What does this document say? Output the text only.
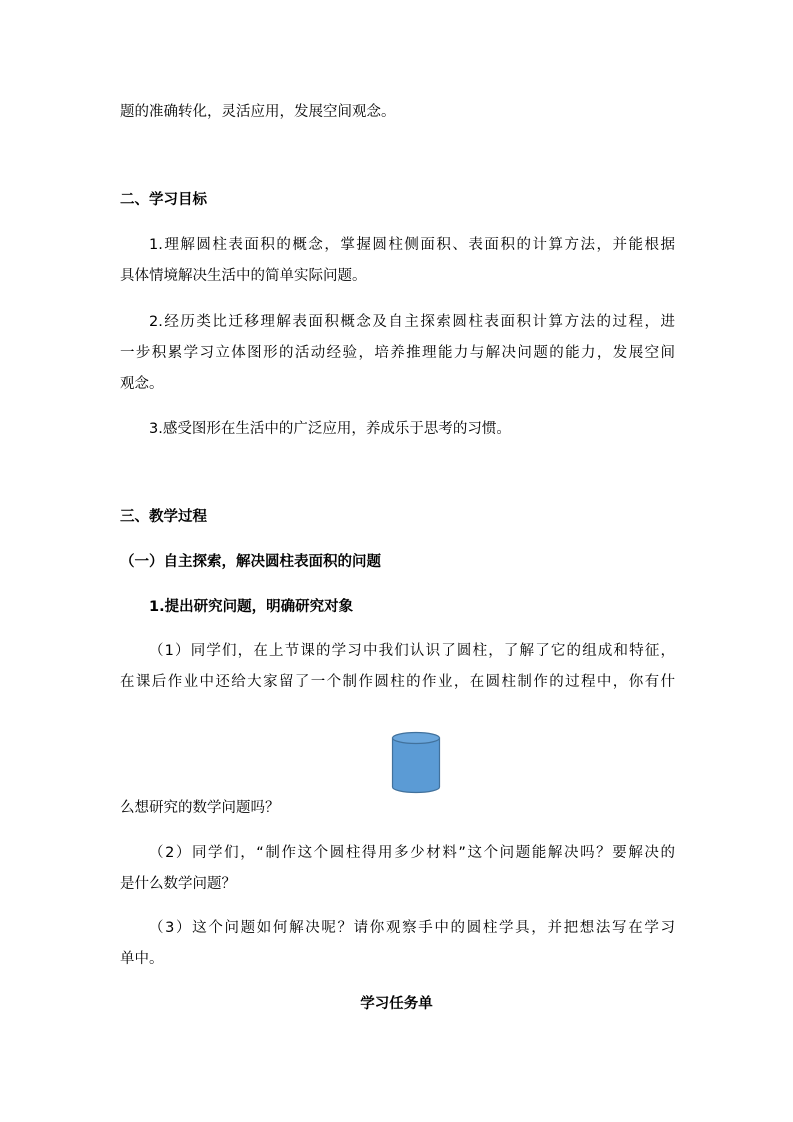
题的准确转化，灵活应用，发展空间观念。
二、学习目标
1.理解圆柱表面积的概念，掌握圆柱侧面积、表面积的计算方法，并能根据
具体情境解决生活中的简单实际问题。
2.经历类比迁移理解表面积概念及自主探索圆柱表面积计算方法的过程，进
一步积累学习立体图形的活动经验，培养推理能力与解决问题的能力，发展空间
观念。
3.感受图形在生活中的广泛应用，养成乐于思考的习惯。
三、教学过程
（一）自主探索，解决圆柱表面积的问题
1.提出研究问题，明确研究对象
（1）同学们，在上节课的学习中我们认识了圆柱，了解了它的组成和特征，
在课后作业中还给大家留了一个制作圆柱的作业，在圆柱制作的过程中，你有什
么想研究的数学问题吗？
（2）同学们，“制作这个圆柱得用多少材料”这个问题能解决吗？要解决的
是什么数学问题？
（3）这个问题如何解决呢？请你观察手中的圆柱学具，并把想法写在学习
单中。
学习任务单
